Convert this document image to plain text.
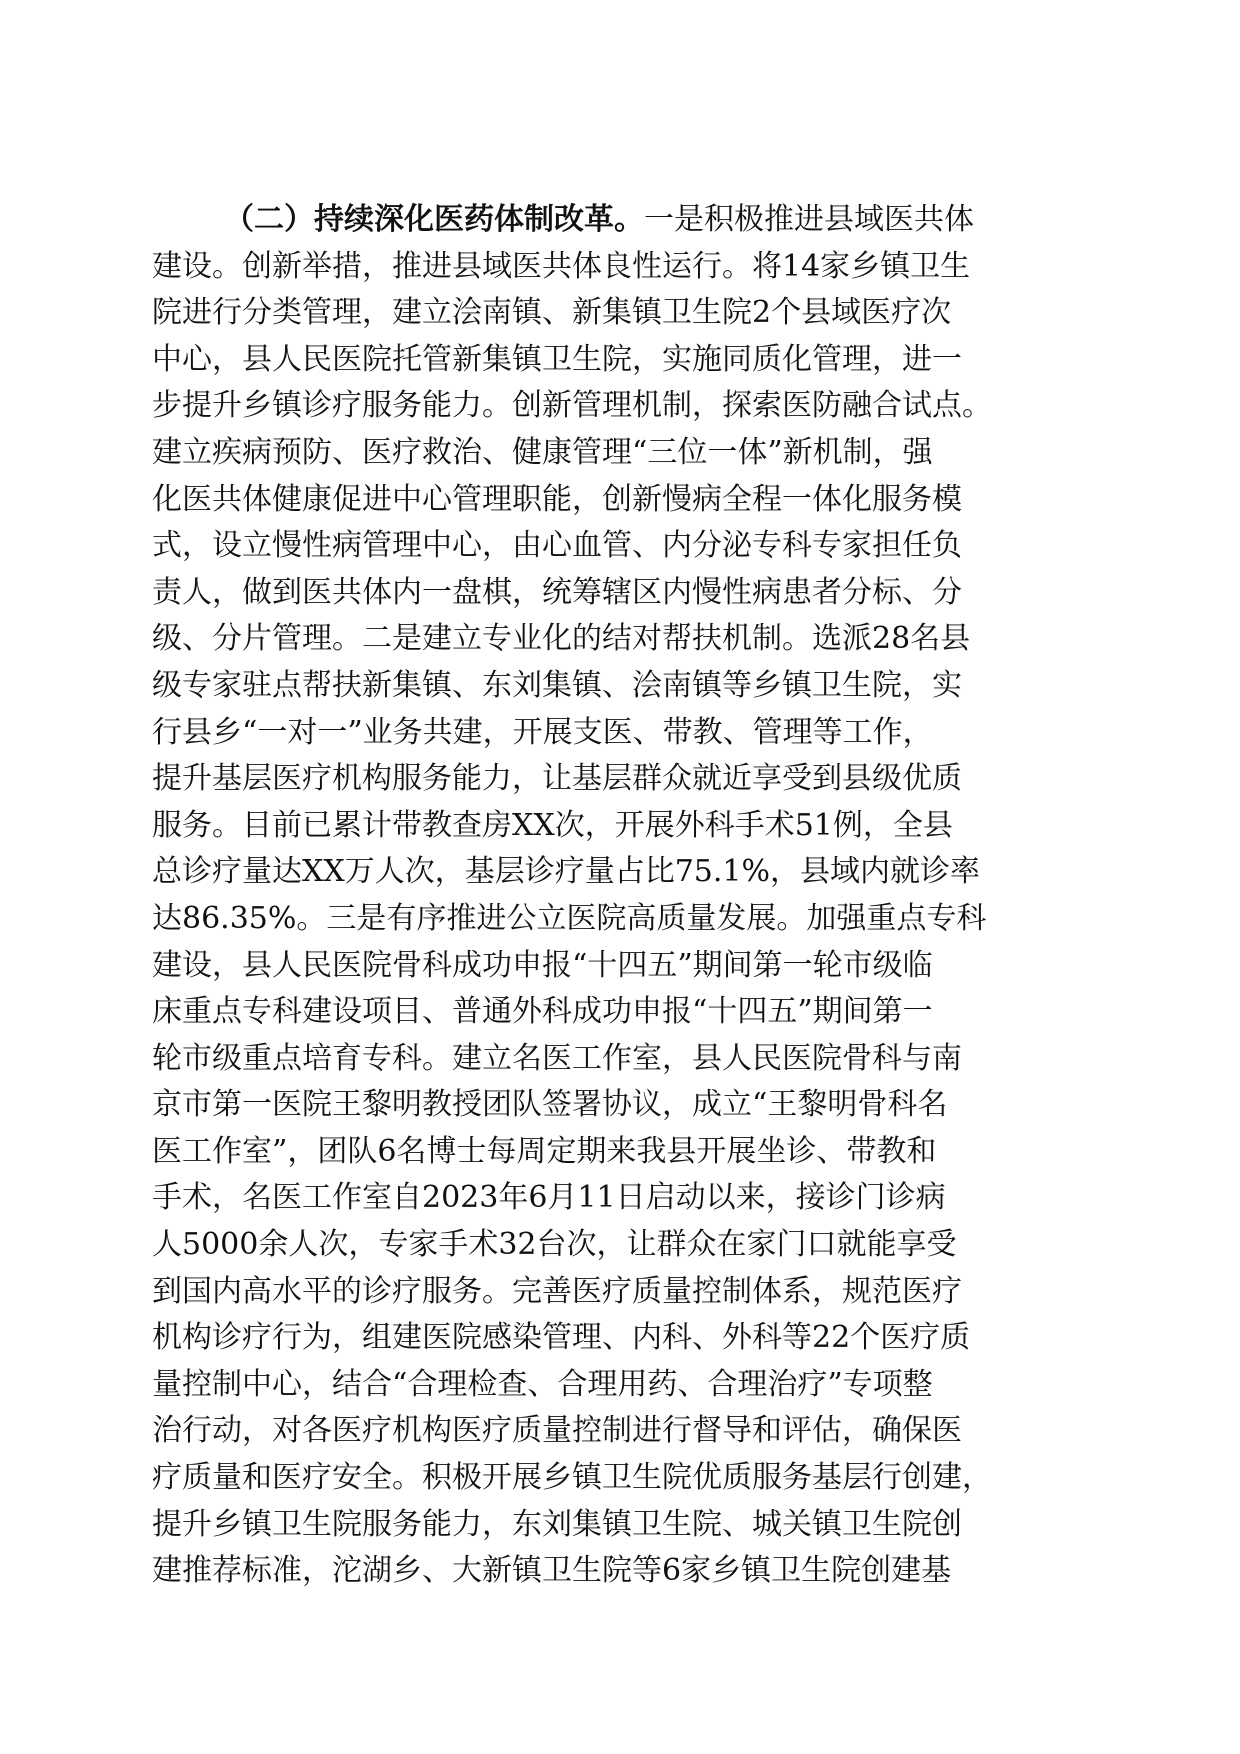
（二）持续深化医药体制改革。一是积极推进县域医共体
建设。创新举措，推进县域医共体良性运行。将14家乡镇卫生
院进行分类管理，建立浍南镇、新集镇卫生院2个县域医疗次
中心，县人民医院托管新集镇卫生院，实施同质化管理，进一
步提升乡镇诊疗服务能力。创新管理机制，探索医防融合试点。
建立疾病预防、医疗救治、健康管理“三位一体”新机制，强
化医共体健康促进中心管理职能，创新慢病全程一体化服务模
式，设立慢性病管理中心，由心血管、内分泌专科专家担任负
责人，做到医共体内一盘棋，统筹辖区内慢性病患者分标、分
级、分片管理。二是建立专业化的结对帮扶机制。选派28名县
级专家驻点帮扶新集镇、东刘集镇、浍南镇等乡镇卫生院，实
行县乡“一对一”业务共建，开展支医、带教、管理等工作，
提升基层医疗机构服务能力，让基层群众就近享受到县级优质
服务。目前已累计带教查房XX次，开展外科手术51例，全县
总诊疗量达XX万人次，基层诊疗量占比75.1%，县域内就诊率
达86.35%。三是有序推进公立医院高质量发展。加强重点专科
建设，县人民医院骨科成功申报“十四五”期间第一轮市级临
床重点专科建设项目、普通外科成功申报“十四五”期间第一
轮市级重点培育专科。建立名医工作室，县人民医院骨科与南
京市第一医院王黎明教授团队签署协议，成立“王黎明骨科名
医工作室”，团队6名博士每周定期来我县开展坐诊、带教和
手术，名医工作室自2023年6月11日启动以来，接诊门诊病
人5000余人次，专家手术32台次，让群众在家门口就能享受
到国内高水平的诊疗服务。完善医疗质量控制体系，规范医疗
机构诊疗行为，组建医院感染管理、内科、外科等22个医疗质
量控制中心，结合“合理检查、合理用药、合理治疗”专项整
治行动，对各医疗机构医疗质量控制进行督导和评估，确保医
疗质量和医疗安全。积极开展乡镇卫生院优质服务基层行创建，
提升乡镇卫生院服务能力，东刘集镇卫生院、城关镇卫生院创
建推荐标准，沱湖乡、大新镇卫生院等6家乡镇卫生院创建基
